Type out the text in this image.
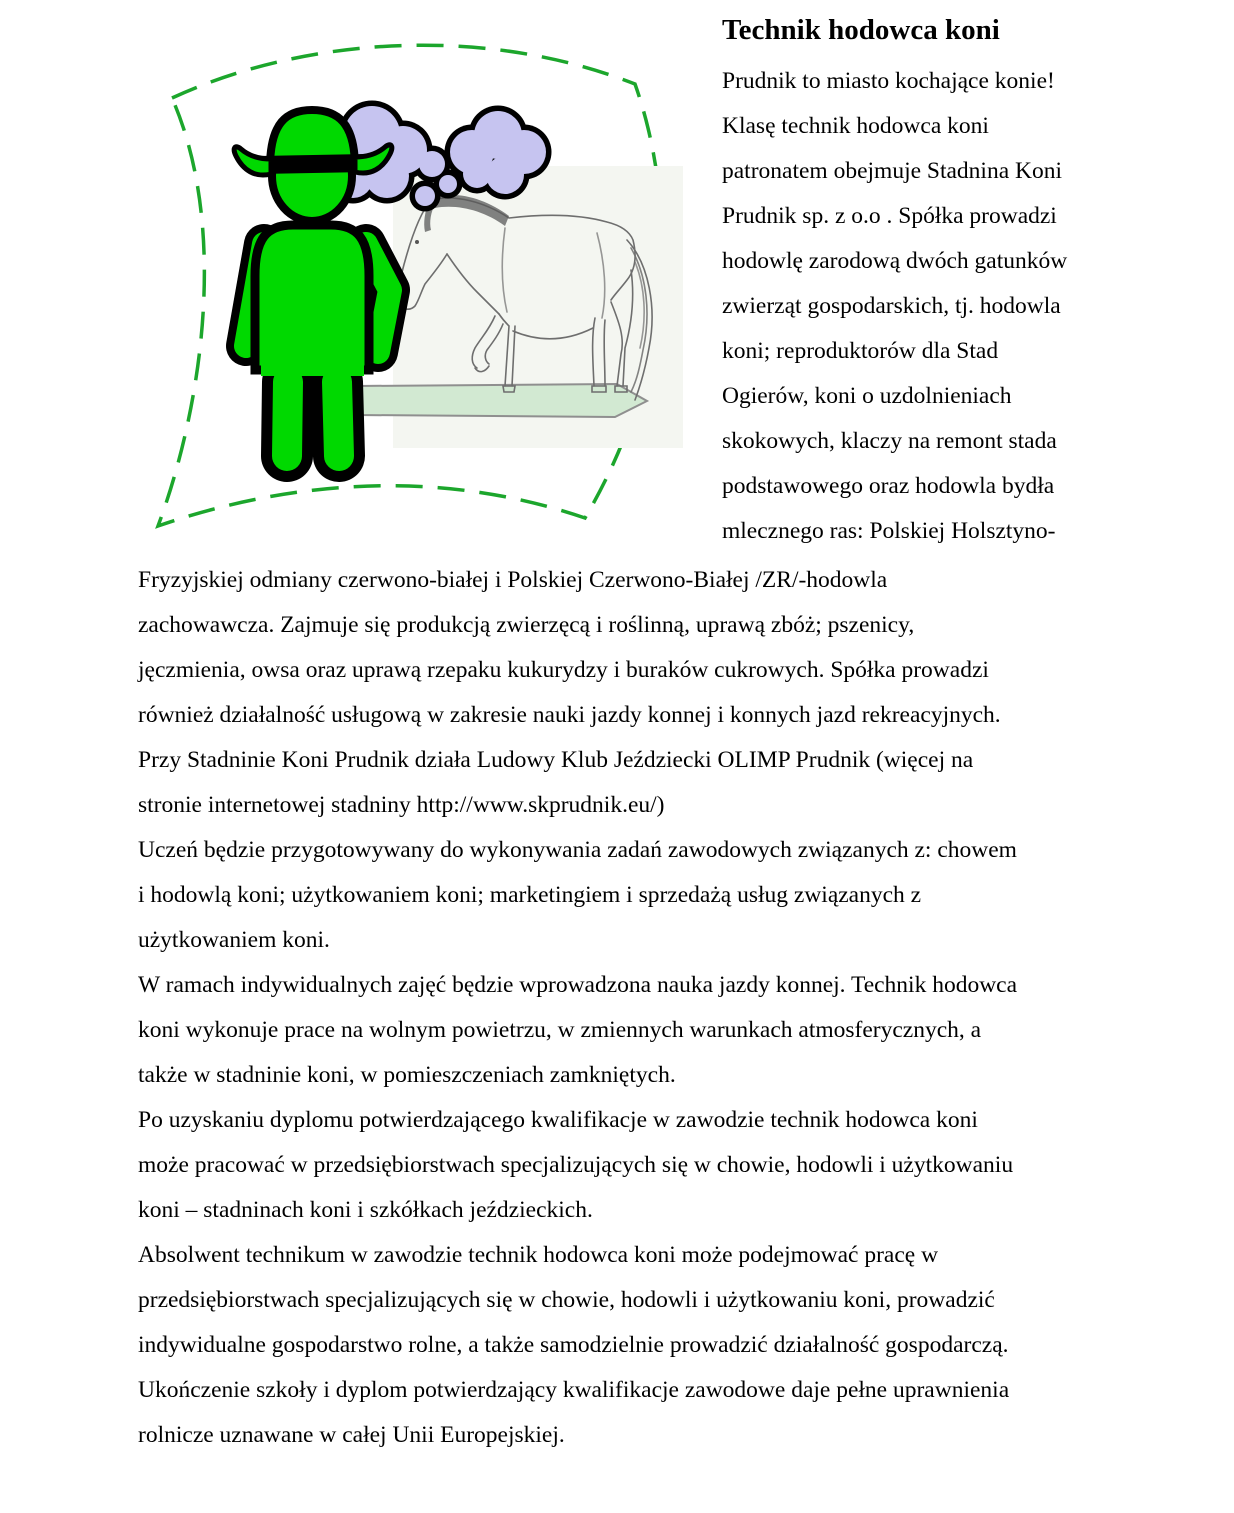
Technik hodowca koni
Prudnik to miasto kochające konie!
Klasę technik hodowca koni
patronatem obejmuje Stadnina Koni
Prudnik sp. z o.o . Spółka prowadzi
hodowlę zarodową dwóch gatunków
zwierząt gospodarskich, tj. hodowla
koni; reproduktorów dla Stad
Ogierów, koni o uzdolnieniach
skokowych, klaczy na remont stada
podstawowego oraz hodowla bydła
mlecznego ras: Polskiej Holsztyno-
Fryzyjskiej odmiany czerwono-białej i Polskiej Czerwono-Białej /ZR/-hodowla
zachowawcza. Zajmuje się produkcją zwierzęcą i roślinną, uprawą zbóż; pszenicy,
jęczmienia, owsa oraz uprawą rzepaku kukurydzy i buraków cukrowych. Spółka prowadzi
również działalność usługową w zakresie nauki jazdy konnej i konnych jazd rekreacyjnych.
Przy Stadninie Koni Prudnik działa Ludowy Klub Jeździecki OLIMP Prudnik (więcej na
stronie internetowej stadniny http://www.skprudnik.eu/)
Uczeń będzie przygotowywany do wykonywania zadań zawodowych związanych z: chowem
i hodowlą koni; użytkowaniem koni; marketingiem i sprzedażą usług związanych z
użytkowaniem koni.
W ramach indywidualnych zajęć będzie wprowadzona nauka jazdy konnej. Technik hodowca
koni wykonuje prace na wolnym powietrzu, w zmiennych warunkach atmosferycznych, a
także w stadninie koni, w pomieszczeniach zamkniętych.
Po uzyskaniu dyplomu potwierdzającego kwalifikacje w zawodzie technik hodowca koni
może pracować w przedsiębiorstwach specjalizujących się w chowie, hodowli i użytkowaniu
koni – stadninach koni i szkółkach jeździeckich.
Absolwent technikum w zawodzie technik hodowca koni może podejmować pracę w
przedsiębiorstwach specjalizujących się w chowie, hodowli i użytkowaniu koni, prowadzić
indywidualne gospodarstwo rolne, a także samodzielnie prowadzić działalność gospodarczą.
Ukończenie szkoły i dyplom potwierdzający kwalifikacje zawodowe daje pełne uprawnienia
rolnicze uznawane w całej Unii Europejskiej.
